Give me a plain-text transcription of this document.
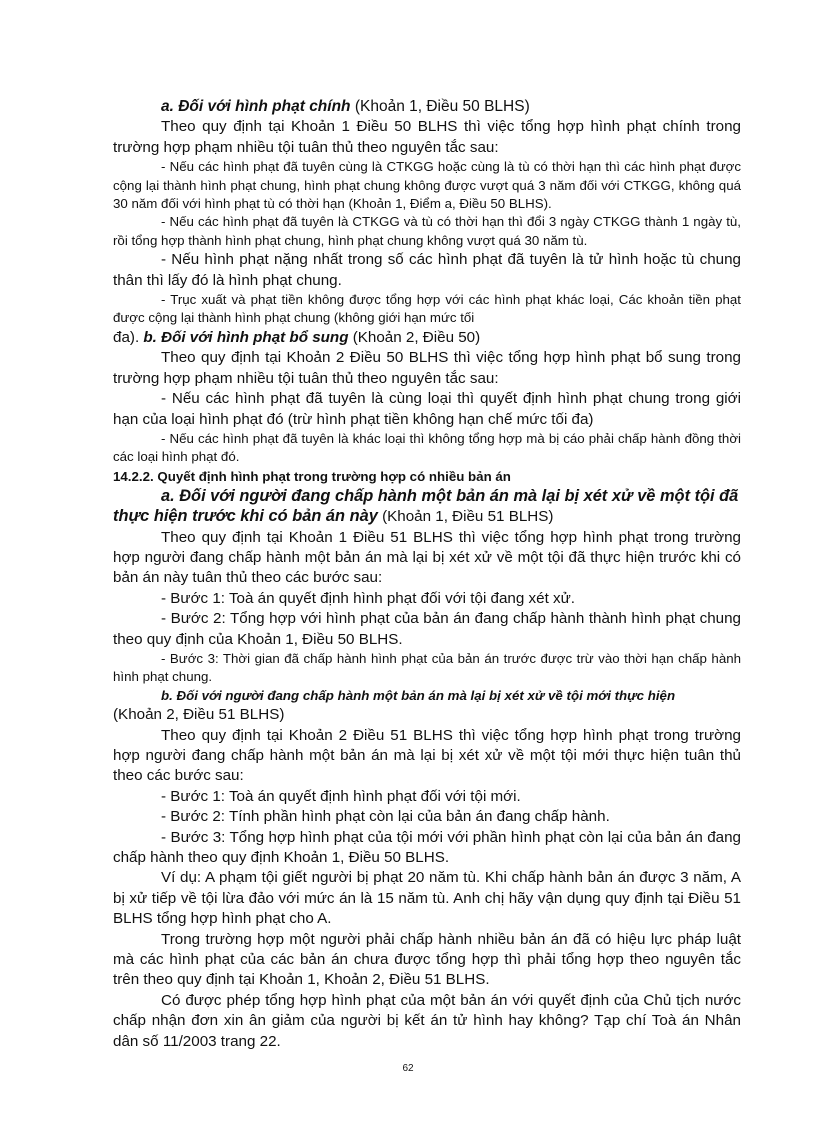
a. Đối với hình phạt chính (Khoản 1, Điều 50 BLHS)

Theo quy định tại Khoản 1 Điều 50 BLHS thì việc tổng hợp hình phạt chính trong trường hợp phạm nhiều tội tuân thủ theo nguyên tắc sau:

- Nếu các hình phạt đã tuyên cùng là CTKGG hoặc cùng là tù có thời hạn thì các hình phạt được cộng lại thành hình phạt chung, hình phạt chung không được vượt quá 3 năm đối với CTKGG, không quá 30 năm đối với hình phạt tù có thời hạn (Khoản 1, Điểm a, Điều 50 BLHS).

- Nếu các hình phạt đã tuyên là CTKGG và tù có thời hạn thì đổi 3 ngày CTKGG thành 1 ngày tù, rồi tổng hợp thành hình phạt chung, hình phạt chung không vượt quá 30 năm tù.

- Nếu hình phạt nặng nhất trong số các hình phạt đã tuyên là tử hình hoặc tù chung thân thì lấy đó là hình phạt chung.

- Trục xuất và phạt tiền không được tổng hợp với các hình phạt khác loại, Các khoản tiền phạt được cộng lại thành hình phạt chung (không giới hạn mức tối

đa). b. Đối với hình phạt bổ sung (Khoản 2, Điều 50)

Theo quy định tại Khoản 2 Điều 50 BLHS thì việc tổng hợp hình phạt bổ sung trong trường hợp phạm nhiều tội tuân thủ theo nguyên tắc sau:

- Nếu các hình phạt đã tuyên là cùng loại thì quyết định hình phạt chung trong giới hạn của loại hình phạt đó (trừ hình phạt tiền không hạn chế mức tối đa)

- Nếu các hình phạt đã tuyên là khác loại thì không tổng hợp mà bị cáo phải chấp hành đồng thời các loại hình phạt đó.

14.2.2. Quyết định hình phạt trong trường hợp có nhiều bản án

a. Đối với người đang chấp hành một bản án mà lại bị xét xử về một tội đã
thực hiện trước khi có bản án này (Khoản 1, Điều 51 BLHS)

Theo quy định tại Khoản 1 Điều 51 BLHS thì việc tổng hợp hình phạt trong trường hợp người đang chấp hành một bản án mà lại bị xét xử về một tội đã thực hiện trước khi có bản án này tuân thủ theo các bước sau:

- Bước 1: Toà án quyết định hình phạt đối với tội đang xét xử.

- Bước 2: Tổng hợp với hình phạt của bản án đang chấp hành thành hình phạt chung theo quy định của Khoản 1, Điều 50 BLHS.

- Bước 3: Thời gian đã chấp hành hình phạt của bản án trước được trừ vào thời hạn chấp hành hình phạt chung.

b. Đối với người đang chấp hành một bản án mà lại bị xét xử về tội mới thực hiện

(Khoản 2, Điều 51 BLHS)

Theo quy định tại Khoản 2 Điều 51 BLHS thì việc tổng hợp hình phạt trong trường hợp người đang chấp hành một bản án mà lại bị xét xử về một tội mới thực hiện tuân thủ theo các bước sau:

- Bước 1: Toà án quyết định hình phạt đối với tội mới.

- Bước 2: Tính phần hình phạt còn lại của bản án đang chấp hành.

- Bước 3: Tổng hợp hình phạt của tội mới với phần hình phạt còn lại của bản án đang chấp hành theo quy định Khoản 1, Điều 50 BLHS.

Ví dụ: A phạm tội giết người bị phạt 20 năm tù. Khi chấp hành bản án được 3 năm, A bị xử tiếp về tội lừa đảo với mức án là 15 năm tù. Anh chị hãy vận dụng quy định tại Điều 51 BLHS tổng hợp hình phạt cho A.

Trong trường hợp một người phải chấp hành nhiều bản án đã có hiệu lực pháp luật mà các hình phạt của các bản án chưa được tổng hợp thì phải tổng hợp theo nguyên tắc trên theo quy định tại Khoản 1, Khoản 2, Điều 51 BLHS.

Có được phép tổng hợp hình phạt của một bản án với quyết định của Chủ tịch nước chấp nhận đơn xin ân giảm của người bị kết án tử hình hay không? Tạp chí Toà án Nhân dân số 11/2003 trang 22.

62
